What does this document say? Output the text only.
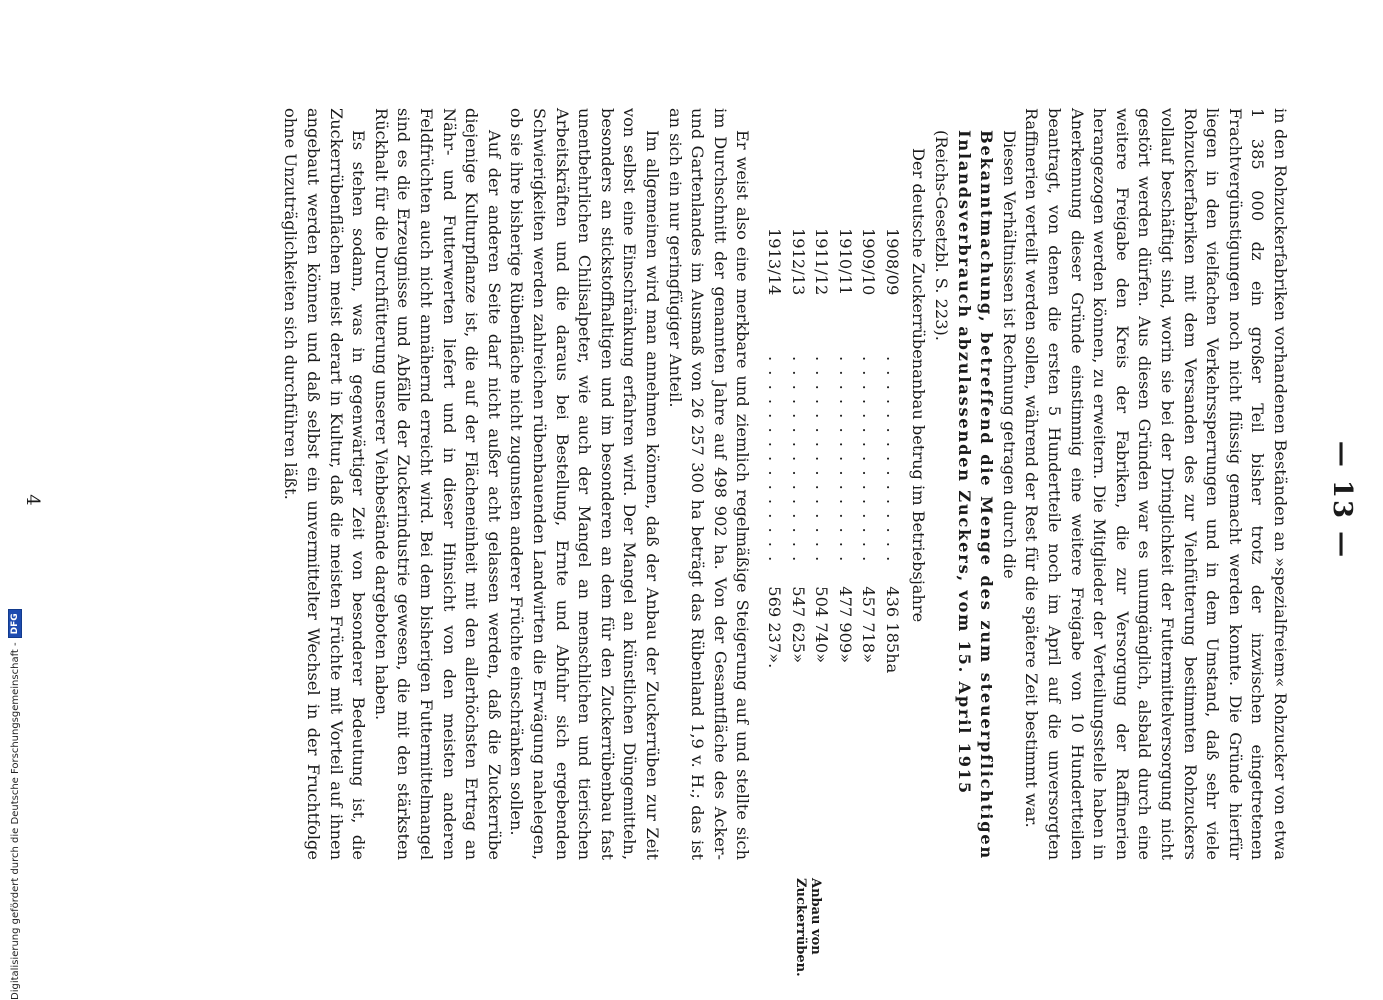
— 13 —
Anbau von Zuckerrüben.

in den Rohzuckerfabriken vorhandenen Beständen an »spezialfreiem« Rohzucker von etwa 1 385 000 dz ein großer Teil bisher trotz der inzwischen eingetretenen Frachtvergünstigungen noch nicht flüssig gemacht werden konnte. Die Gründe hierfür liegen in den vielfachen Verkehrssperrungen und in dem Umstand, daß sehr viele Rohzuckerfabriken mit dem Versanden des zur Viehfütterung bestimmten Rohzuckers vollauf beschäftigt sind, worin sie bei der Dringlichkeit der Futtermittelversorgung nicht gestört werden dürfen. Aus diesen Gründen war es unumgänglich, alsbald durch eine weitere Freigabe den Kreis der Fabriken, die zur Versorgung der Raffinerien herangezogen werden können, zu erweitern. Die Mitglieder der Verteilungsstelle haben in Anerkennung dieser Gründe einstimmig eine weitere Freigabe von 10 Hundertteilen beantragt, von denen die ersten 5 Hundertteile noch im April auf die unversorgten Raffinerien verteilt werden sollen, während der Rest für die spätere Zeit bestimmt war.

Diesen Verhältnissen ist Rechnung getragen durch die

Bekanntmachung, betreffend die Menge des zum steuerpflichtigen Inlandsverbrauch abzulassenden Zuckers, vom 15. April 1915

(Reichs-Gesetzbl. S. 223).

Der deutsche Zuckerrübenanbau betrug im Betriebsjahre

1908/09	. . . . . . . . . . . . . . .	436 185	ha
1909/10	. . . . . . . . . . . . . . .	457 718	»
1910/11	. . . . . . . . . . . . . . .	477 909	»
1911/12	. . . . . . . . . . . . . . .	504 740	»
1912/13	. . . . . . . . . . . . . . .	547 625	»
1913/14	. . . . . . . . . . . . . . .	569 237	».

Er weist also eine merkbare und ziemlich regelmäßige Steigerung auf und stellte sich im Durchschnitt der genannten Jahre auf 498 902 ha. Von der Gesamtfläche des Acker- und Gartenlandes im Ausmaß von 26 257 300 ha beträgt das Rübenland 1,9 v. H.; das ist an sich ein nur geringfügiger Anteil.

Im allgemeinen wird man annehmen können, daß der Anbau der Zuckerrüben zur Zeit von selbst eine Einschränkung erfahren wird. Der Mangel an künstlichen Düngemitteln, besonders an stickstoffhaltigen und im besonderen an dem für den Zuckerrübenbau fast unentbehrlichen Chilisalpeter, wie auch der Mangel an menschlichen und tierischen Arbeitskräften und die daraus bei Bestellung, Ernte und Abfuhr sich ergebenden Schwierigkeiten werden zahlreichen rübenbauenden Landwirten die Erwägung nahelegen, ob sie ihre bisherige Rübenfläche nicht zugunsten anderer Früchte einschränken sollen.

Auf der anderen Seite darf nicht außer acht gelassen werden, daß die Zuckerrübe diejenige Kulturpflanze ist, die auf der Flächeneinheit mit den allerhöchsten Ertrag an Nähr- und Futterwerten liefert und in dieser Hinsicht von den meisten anderen Feldfrüchten auch nicht annähernd erreicht wird. Bei dem bisherigen Futtermittelmangel sind es die Erzeugnisse und Abfälle der Zuckerindustrie gewesen, die mit den stärksten Rückhalt für die Durchfütterung unserer Viehbestände dargeboten haben.

Es stehen sodann, was in gegenwärtiger Zeit von besonderer Bedeutung ist, die Zuckerrübenflächen meist derart in Kultur, daß die meisten Früchte mit Vorteil auf ihnen angebaut werden können und daß selbst ein unvermittelter Wechsel in der Fruchtfolge ohne Unzuträglichkeiten sich durchführen läßt.

4
Digitalisierung gefördert durch die Deutsche Forschungsgemeinschaft -
DFG
